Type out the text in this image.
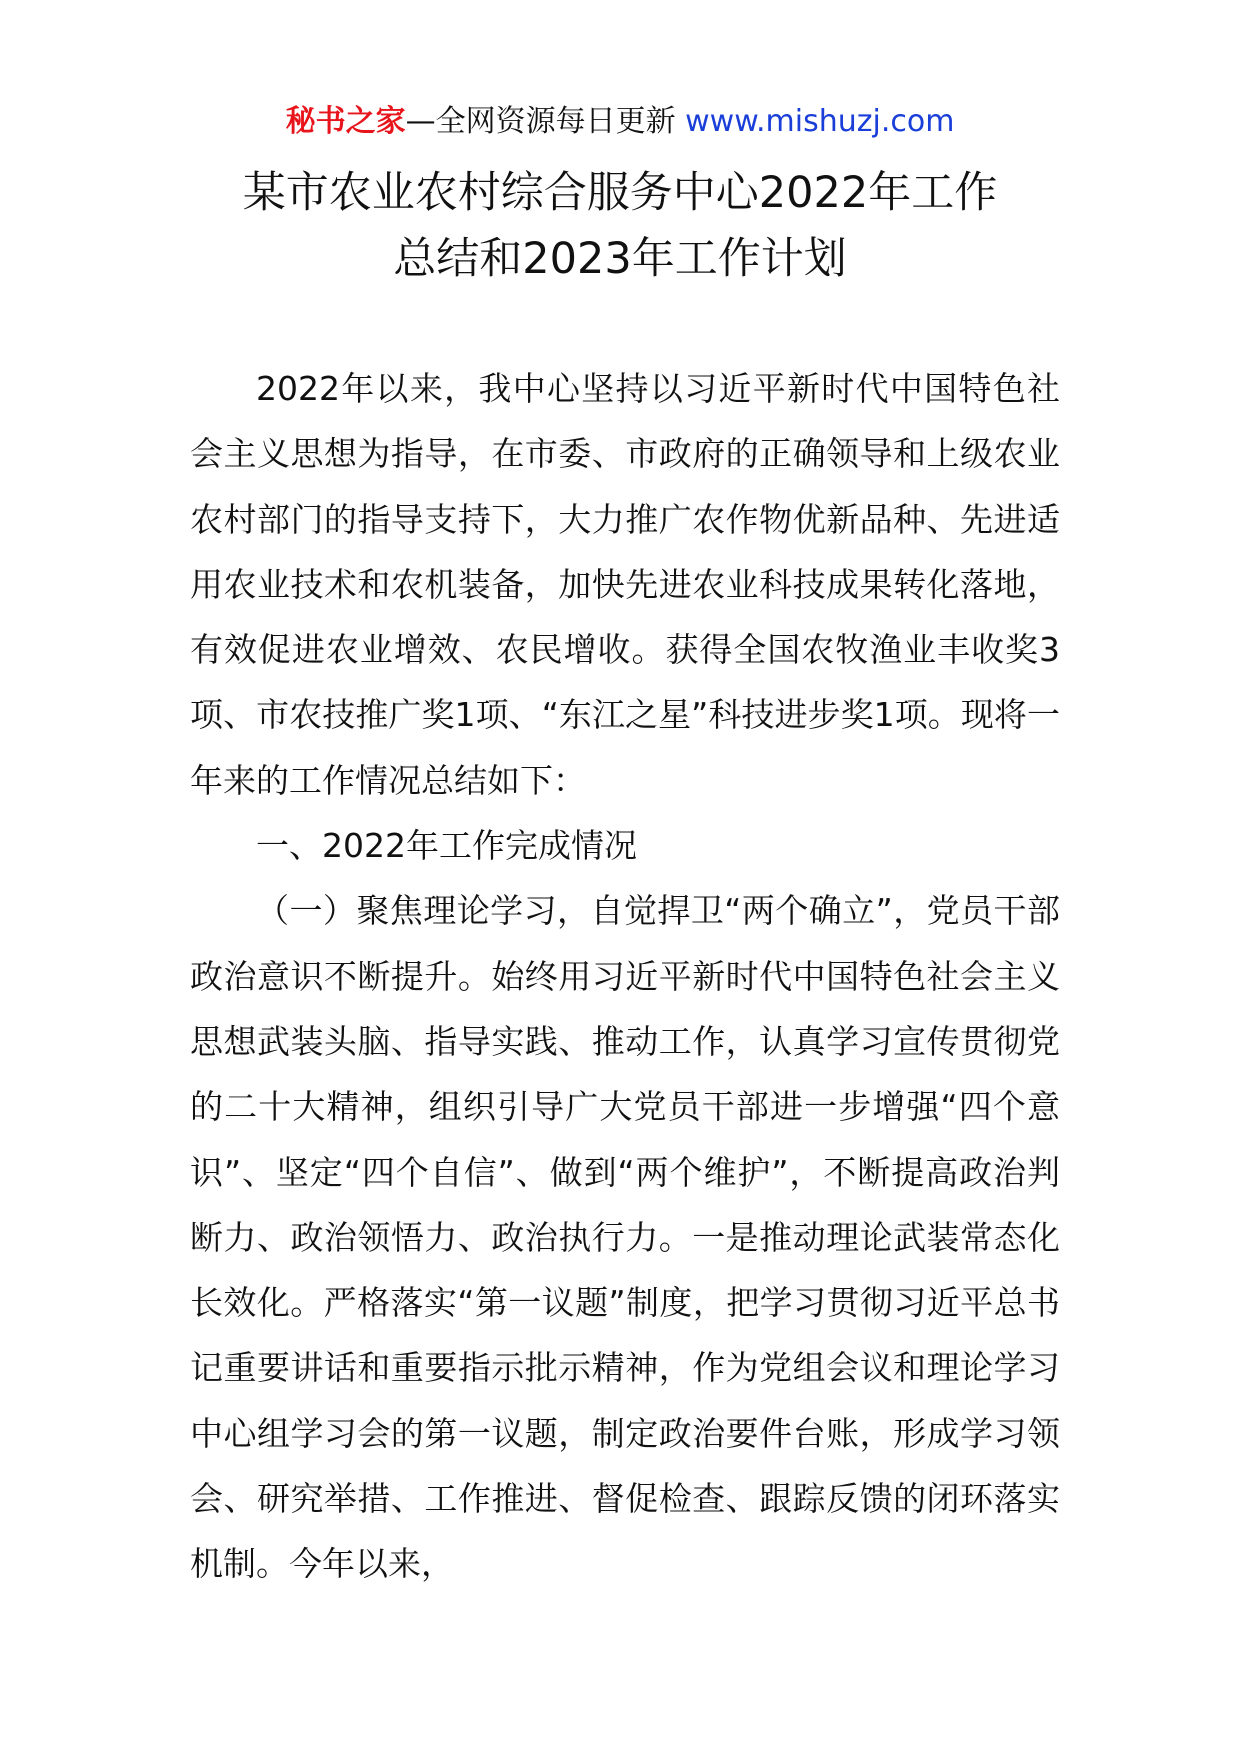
秘书之家—全网资源每日更新 www.mishuzj.com
某市农业农村综合服务中心2022年工作
总结和2023年工作计划

2022年以来，我中心坚持以习近平新时代中国特色社会主义思想为指导，在市委、市政府的正确领导和上级农业农村部门的指导支持下，大力推广农作物优新品种、先进适用农业技术和农机装备，加快先进农业科技成果转化落地，有效促进农业增效、农民增收。获得全国农牧渔业丰收奖3项、市农技推广奖1项、“东江之星”科技进步奖1项。现将一年来的工作情况总结如下：

一、2022年工作完成情况

（一）聚焦理论学习，自觉捍卫“两个确立”，党员干部政治意识不断提升。始终用习近平新时代中国特色社会主义思想武装头脑、指导实践、推动工作，认真学习宣传贯彻党的二十大精神，组织引导广大党员干部进一步增强“四个意识”、坚定“四个自信”、做到“两个维护”，不断提高政治判断力、政治领悟力、政治执行力。一是推动理论武装常态化长效化。严格落实“第一议题”制度，把学习贯彻习近平总书记重要讲话和重要指示批示精神，作为党组会议和理论学习中心组学习会的第一议题，制定政治要件台账，形成学习领会、研究举措、工作推进、督促检查、跟踪反馈的闭环落实机制。今年以来，
